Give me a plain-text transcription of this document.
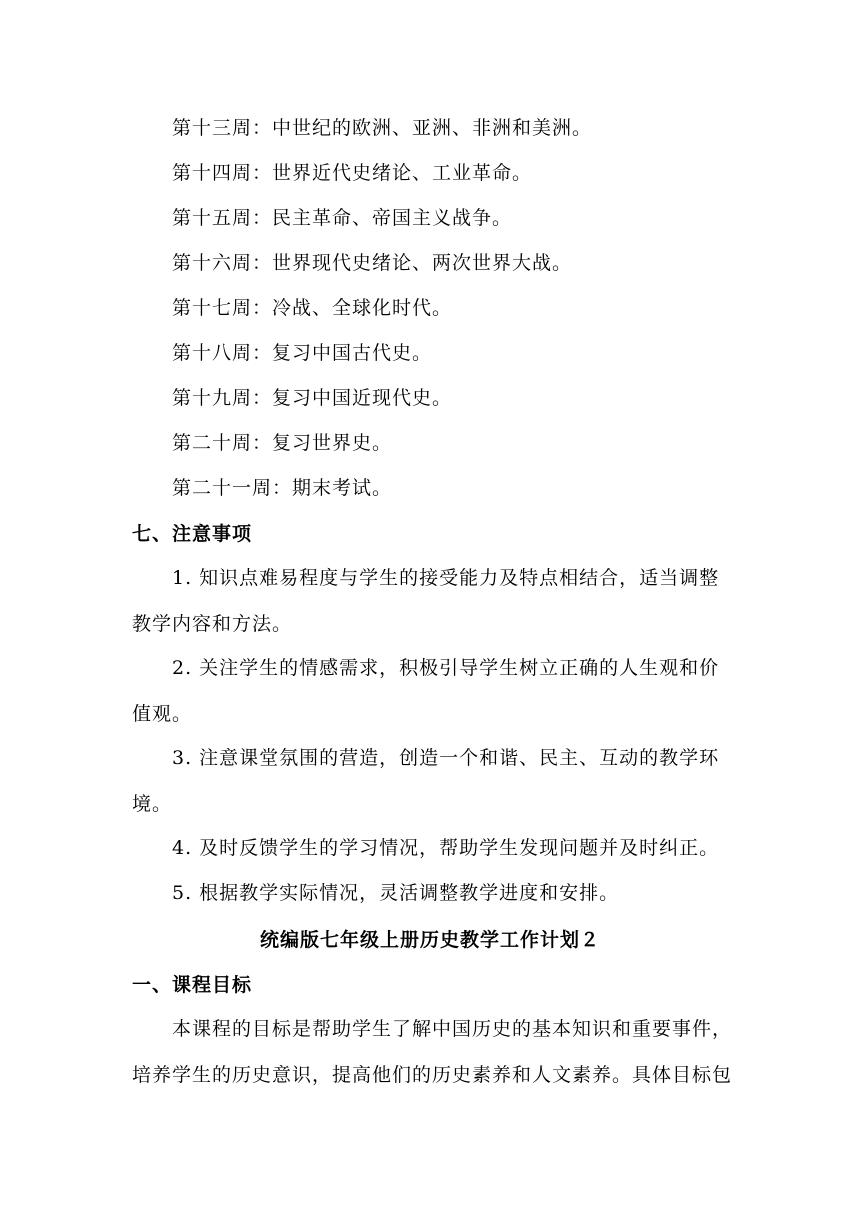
第十三周：中世纪的欧洲、亚洲、非洲和美洲。
第十四周：世界近代史绪论、工业革命。
第十五周：民主革命、帝国主义战争。
第十六周：世界现代史绪论、两次世界大战。
第十七周：冷战、全球化时代。
第十八周：复习中国古代史。
第十九周：复习中国近现代史。
第二十周：复习世界史。
第二十一周：期末考试。
七、注意事项
1. 知识点难易程度与学生的接受能力及特点相结合，适当调整教学内容和方法。
2. 关注学生的情感需求，积极引导学生树立正确的人生观和价值观。
3. 注意课堂氛围的营造，创造一个和谐、民主、互动的教学环境。
4. 及时反馈学生的学习情况，帮助学生发现问题并及时纠正。
5. 根据教学实际情况，灵活调整教学进度和安排。
统编版七年级上册历史教学工作计划２
一、课程目标
本课程的目标是帮助学生了解中国历史的基本知识和重要事件，培养学生的历史意识，提高他们的历史素养和人文素养。具体目标包
